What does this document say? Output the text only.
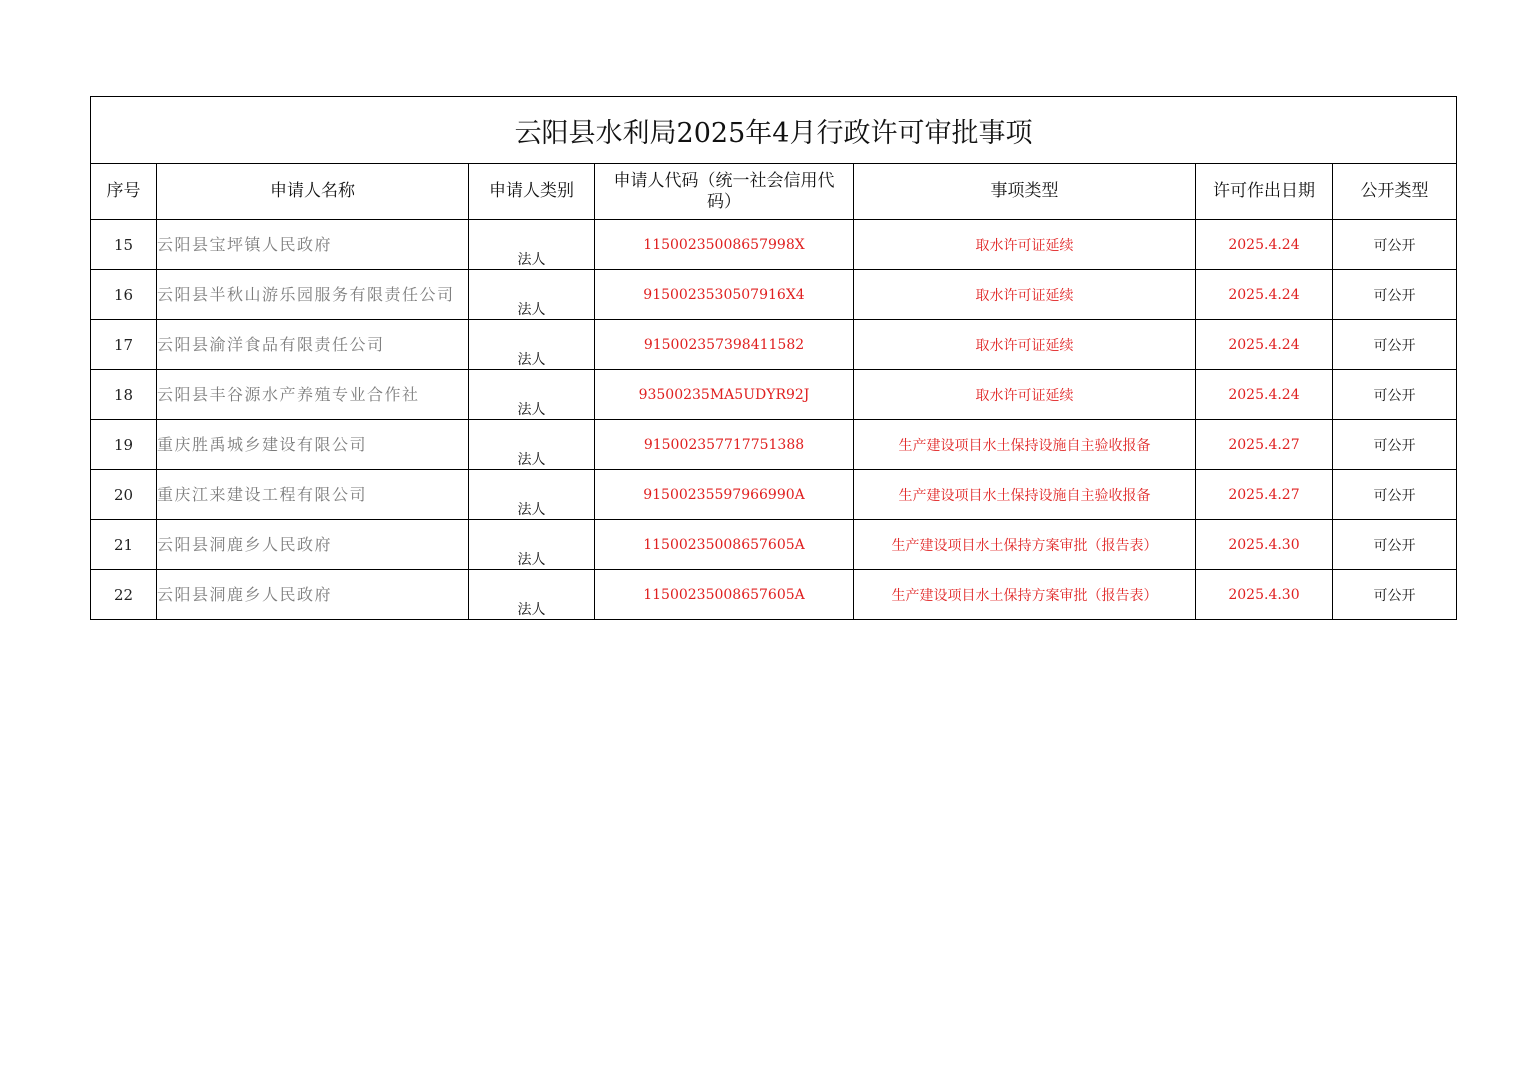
云阳县水利局2025年4月行政许可审批事项						
序号	申请人名称	申请人类别	申请人代码（统一社会信用代码）	事项类型	许可作出日期	公开类型
15	云阳县宝坪镇人民政府	法人	11500235008657998X	取水许可证延续	2025.4.24	可公开
16	云阳县半秋山游乐园服务有限责任公司	法人	9150023530507916X4	取水许可证延续	2025.4.24	可公开
17	云阳县渝洋食品有限责任公司	法人	915002357398411582	取水许可证延续	2025.4.24	可公开
18	云阳县丰谷源水产养殖专业合作社	法人	93500235MA5UDYR92J	取水许可证延续	2025.4.24	可公开
19	重庆胜禹城乡建设有限公司	法人	915002357717751388	生产建设项目水土保持设施自主验收报备	2025.4.27	可公开
20	重庆江来建设工程有限公司	法人	91500235597966990A	生产建设项目水土保持设施自主验收报备	2025.4.27	可公开
21	云阳县洞鹿乡人民政府	法人	11500235008657605A	生产建设项目水土保持方案审批（报告表）	2025.4.30	可公开
22	云阳县洞鹿乡人民政府	法人	11500235008657605A	生产建设项目水土保持方案审批（报告表）	2025.4.30	可公开
